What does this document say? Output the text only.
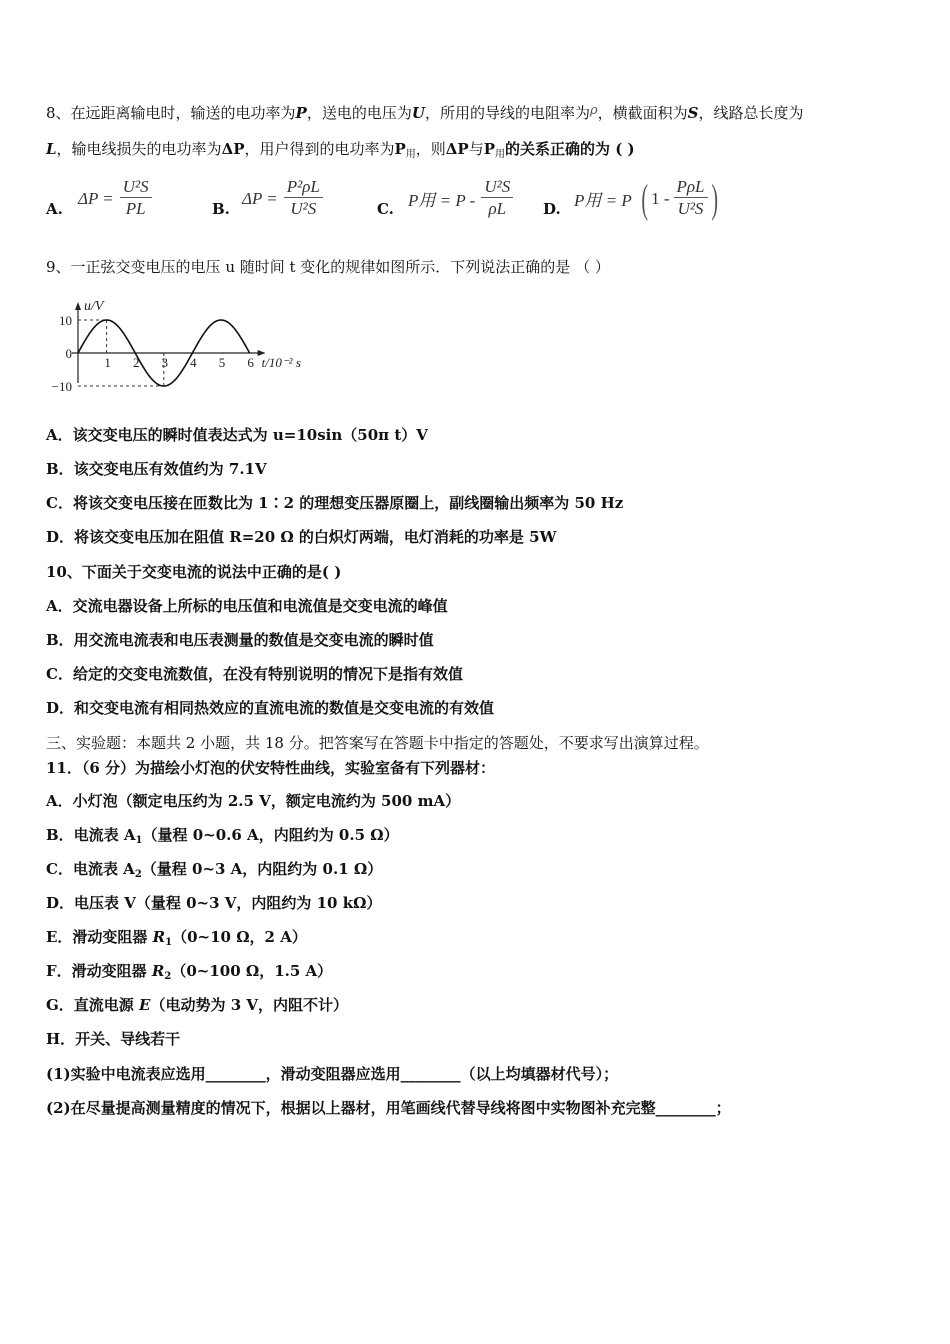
8、在远距离输电时，输送的电功率为P，送电的电压为U，所用的导线的电阻率为ρ，横截面积为S，线路总长度为
L，输电线损失的电功率为ΔP，用户得到的电功率为$P_用$，则ΔP与$P_用$的关系正确的为 ( )
A.
$\Delta P = \frac{\text{U²S}}{PL}$	B.
$\Delta P = \frac{\text{P²ρL}}{\text{U²S}}$	C. P用 = P - $\frac{\text{U²S}}{\rho L} D$. P用 = P ( $1 - \frac{\text{PρL}}{\text{U²S}}$ )
9、一正弦交变电压的电压 u 随时间 t 变化的规律如图所示．下列说法正确的是 （ ）
u/V
t/10⁻² s
10
0
−10
1 2 3 4 5 6
A．该交变电压的瞬时值表达式为 u=10sin（50π t）V
B．该交变电压有效值约为 7.1V
C．将该交变电压接在匝数比为 1∶2 的理想变压器原圈上，副线圈输出频率为 50 Hz
D．将该交变电压加在阻值 R=20 Ω 的白炽灯两端，电灯消耗的功率是 5W
10、下面关于交变电流的说法中正确的是( )
A．交流电器设备上所标的电压值和电流值是交变电流的峰值
B．用交流电流表和电压表测量的数值是交变电流的瞬时值
C．给定的交变电流数值，在没有特别说明的情况下是指有效值
D．和交变电流有相同热效应的直流电流的数值是交变电流的有效值
三、实验题：本题共 2 小题，共 18 分。把答案写在答题卡中指定的答题处，不要求写出演算过程。
11．（6 分）为描绘小灯泡的伏安特性曲线，实验室备有下列器材：
A．小灯泡（额定电压约为 2.5 V，额定电流约为 500 mA）
B．电流表 $A_1$（量程 0~0.6 A，内阻约为 0.5 Ω）
C．电流表 $A_2$（量程 0~3 A，内阻约为 0.1 Ω）
D．电压表 V（量程 0~3 V，内阻约为 10 kΩ）
E．滑动变阻器 $R_1(0\sim 10$ Ω，2 A）
F．滑动变阻器 $R_2(0\sim 100$ Ω，1.5 A）
G．直流电源 E（电动势为 3 V，内阻不计）
H．开关、导线若干
(1)实验中电流表应选用________，滑动变阻器应选用________（以上均填器材代号）；
(2)在尽量提高测量精度的情况下，根据以上器材，用笔画线代替导线将图中实物图补充完整________；
